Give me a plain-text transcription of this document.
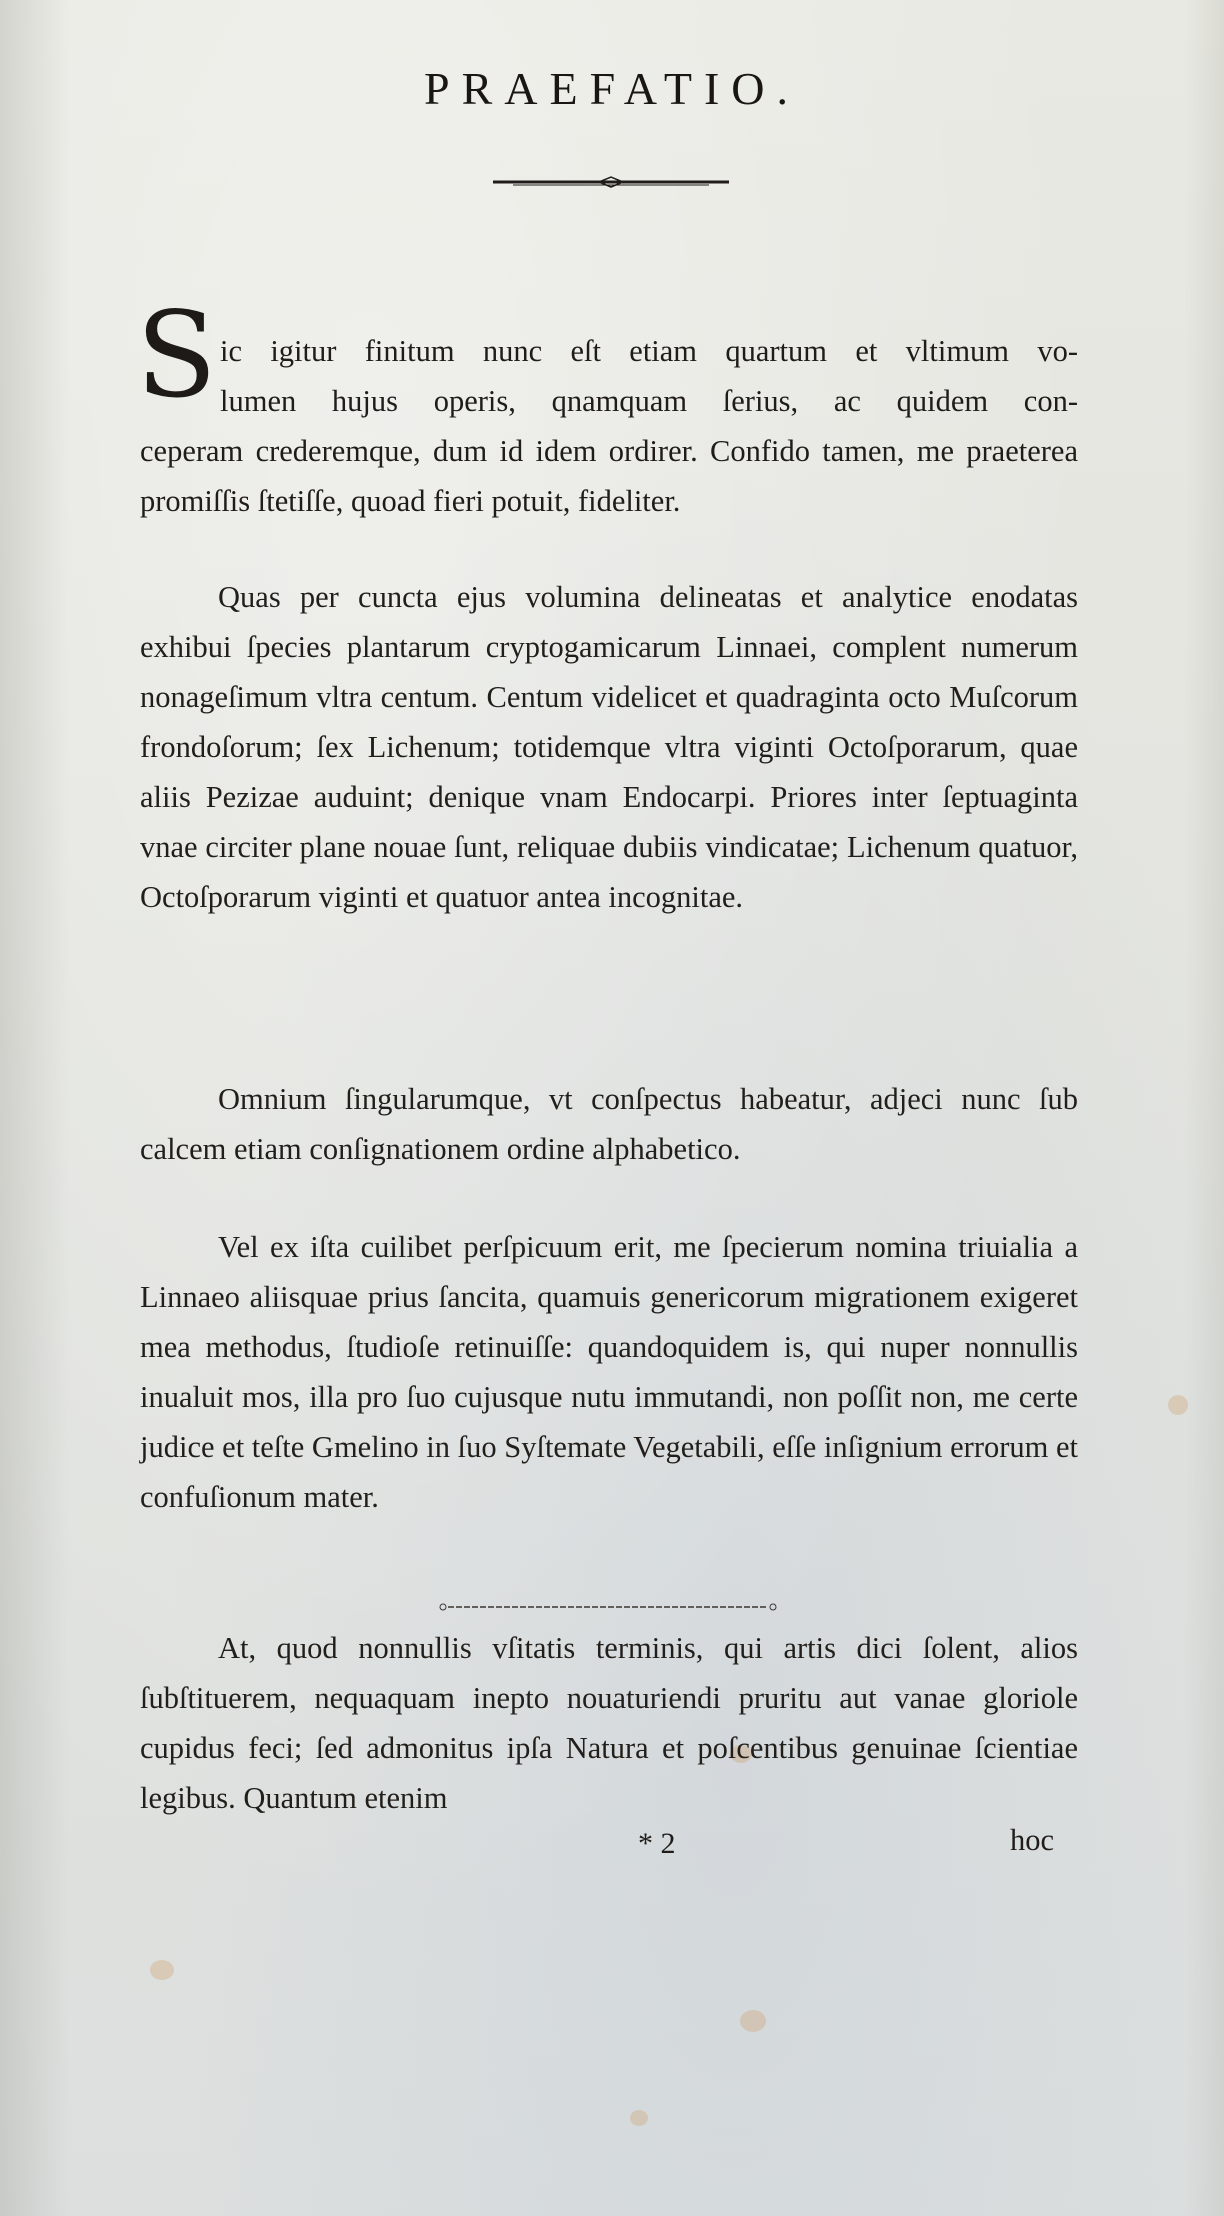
PRAEFATIO.
S ic igitur finitum nunc eſt etiam quartum et vltimum vo-
lumen hujus operis, qnamquam ſerius, ac quidem con-
ceperam crederemque, dum id idem ordirer. Confido tamen, me praeterea promiſſis ſtetiſſe, quoad fieri potuit, fideliter.
Quas per cuncta ejus volumina delineatas et analytice enodatas exhibui ſpecies plantarum cryptogamicarum Linnaei, complent numerum nonageſimum vltra centum. Centum videlicet et quadraginta octo Muſcorum frondoſorum; ſex Lichenum; totidemque vltra viginti Octoſporarum, quae aliis Pezizae auduint; denique vnam Endocarpi. Priores inter ſeptuaginta vnae circiter plane nouae ſunt, reliquae dubiis vindicatae; Lichenum quatuor, Octoſporarum viginti et quatuor antea incognitae.
Omnium ſingularumque, vt conſpectus habeatur, adjeci nunc ſub calcem etiam conſignationem ordine alphabetico.
Vel ex iſta cuilibet perſpicuum erit, me ſpecierum nomina triuialia a Linnaeo aliisquae prius ſancita, quamuis genericorum migrationem exigeret mea methodus, ſtudioſe retinuiſſe: quandoquidem is, qui nuper nonnullis inualuit mos, illa pro ſuo cujusque nutu immutandi, non poſſit non, me certe judice et teſte Gmelino in ſuo Syſtemate Vegetabili, eſſe inſignium errorum et confuſionum mater.
At, quod nonnullis vſitatis terminis, qui artis dici ſolent, alios ſubſtituerem, nequaquam inepto nouaturiendi pruritu aut vanae gloriole cupidus feci; ſed admonitus ipſa Natura et poſcentibus genuinae ſcientiae legibus. Quantum etenim
* 2	hoc
